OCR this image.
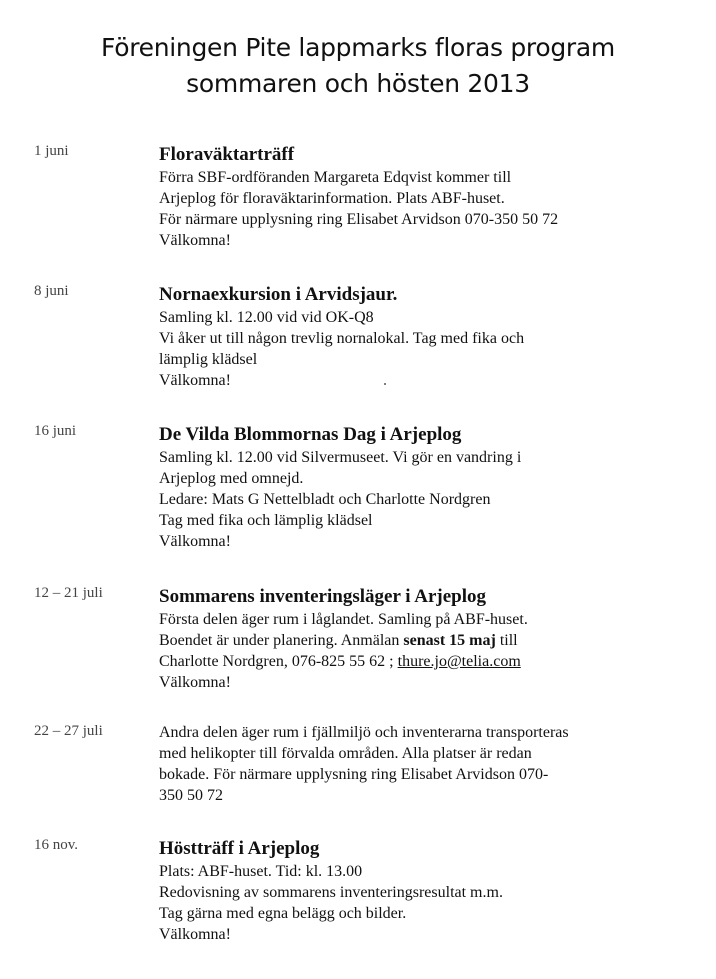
Föreningen Pite lappmarks floras program
sommaren och hösten 2013
1 juni	Floraväktarträff
Förra SBF-ordföranden Margareta Edqvist kommer till
Arjeplog för floraväktarinformation. Plats ABF-huset.
För närmare upplysning ring Elisabet Arvidson 070-350 50 72
Välkomna!
8 juni	Nornaexkursion i Arvidsjaur.
Samling kl. 12.00 vid vid OK-Q8
Vi åker ut till någon trevlig nornalokal. Tag med fika och
lämplig klädsel
Välkomna!
16 juni	De Vilda Blommornas Dag i Arjeplog
Samling kl. 12.00 vid Silvermuseet. Vi gör en vandring i
Arjeplog med omnejd.
Ledare: Mats G Nettelbladt och Charlotte Nordgren
Tag med fika och lämplig klädsel
Välkomna!
12 – 21 juli	Sommarens inventeringsläger i Arjeplog
Första delen äger rum i låglandet. Samling på ABF-huset.
Boendet är under planering. Anmälan senast 15 maj till
Charlotte Nordgren, 076-825 55 62 ; thure.jo@telia.com
Välkomna!
22 – 27 juli	Andra delen äger rum i fjällmiljö och inventerarna transporteras
med helikopter till förvalda områden. Alla platser är redan
bokade. För närmare upplysning ring Elisabet Arvidson 070-
350 50 72
16 nov.	Höstträff i Arjeplog
Plats: ABF-huset. Tid: kl. 13.00
Redovisning av sommarens inventeringsresultat m.m.
Tag gärna med egna belägg och bilder.
Välkomna!
